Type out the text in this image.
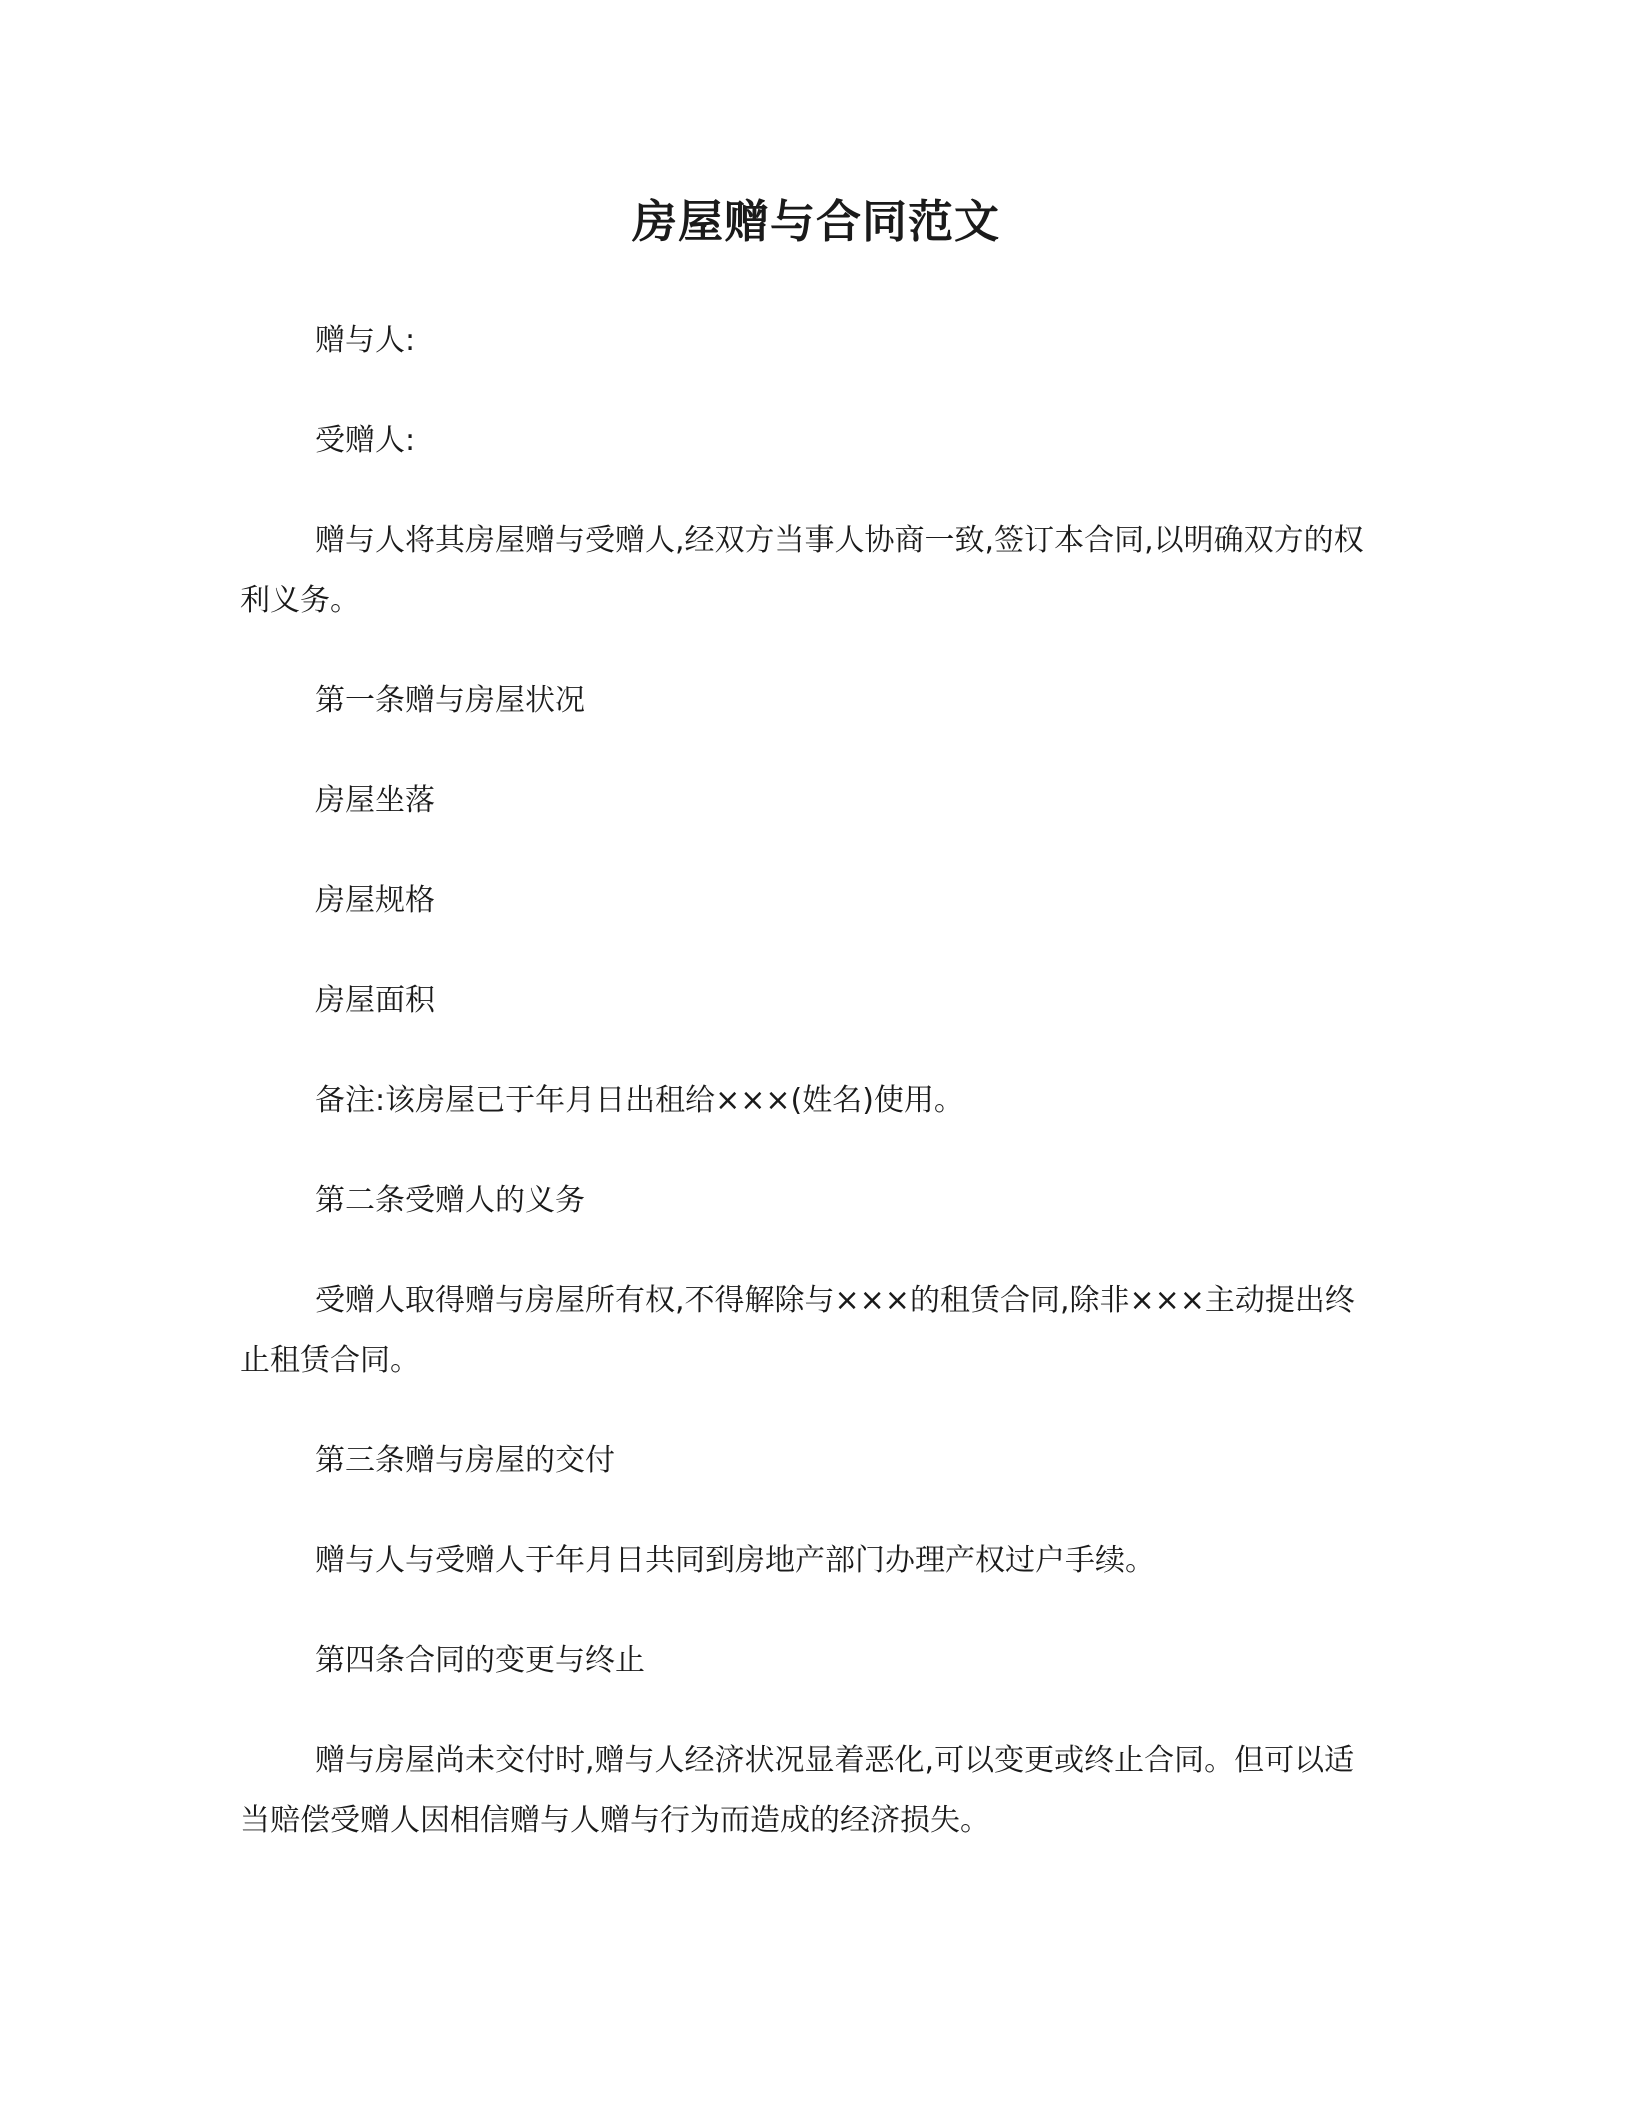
房屋赠与合同范文

赠与人:

受赠人:

赠与人将其房屋赠与受赠人,经双方当事人协商一致,签订本合同,以明确双方的权利义务。

第一条赠与房屋状况

房屋坐落

房屋规格

房屋面积

备注:该房屋已于年月日出租给×××(姓名)使用。

第二条受赠人的义务

受赠人取得赠与房屋所有权,不得解除与×××的租赁合同,除非×××主动提出终止租赁合同。

第三条赠与房屋的交付

赠与人与受赠人于年月日共同到房地产部门办理产权过户手续。

第四条合同的变更与终止

赠与房屋尚未交付时,赠与人经济状况显着恶化,可以变更或终止合同。但可以适当赔偿受赠人因相信赠与人赠与行为而造成的经济损失。
